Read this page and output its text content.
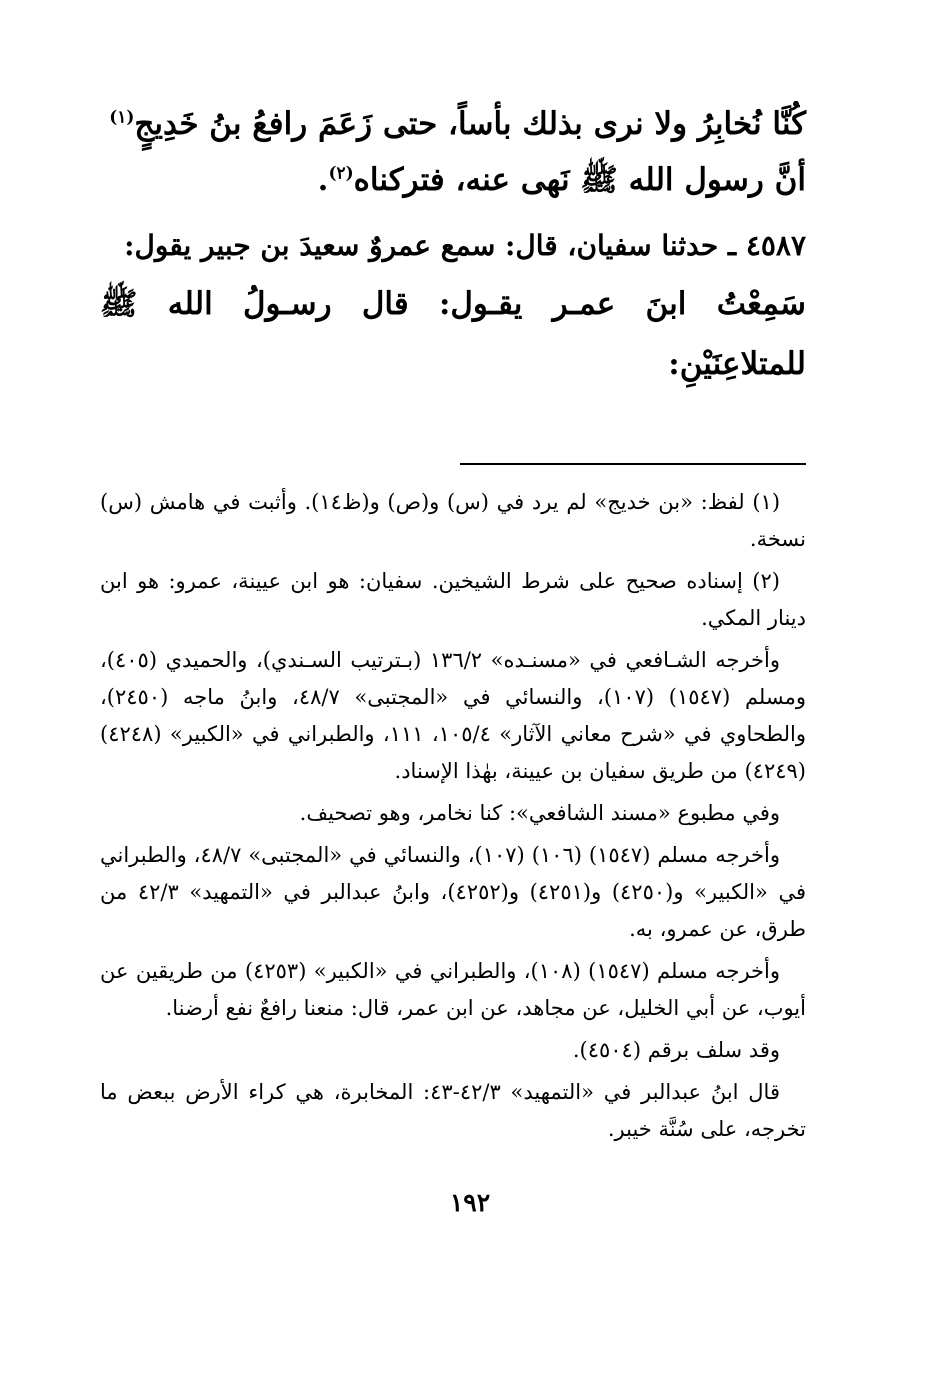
كُنَّا نُخابِرُ ولا نرى بذلك بأساً، حتى زَعَمَ رافعُ بنُ خَدِيجٍ$^{(١)}$

أنَّ رسول الله ﷺ نَهى عنه، فتركناه$^{(٢)}$.

٤٥٨٧ ـ حدثنا سفيان، قال: سمع عمروٌ سعيدَ بن جبير يقول:

سَمِعْتُ ابنَ عمـر يقـول: قال رسـولُ الله ﷺ للمتلاعِنَيْنِ:

(١) لفظ: «بن خديج» لم يرد في (س) و(ص) و(ظ١٤). وأثبت في هامش (س) نسخة.

(٢) إسناده صحيح على شرط الشيخين. سفيان: هو ابن عيينة، عمرو: هو ابن دينار المكي.

وأخرجه الشـافعي في «مسنـده» ١٣٦/٢ (بـترتيب السـندي)، والحميدي (٤٠٥)، ومسلم (١٥٤٧) (١٠٧)، والنسائي في «المجتبى» ٤٨/٧، وابنُ ماجه (٢٤٥٠)، والطحاوي في «شرح معاني الآثار» ١٠٥/٤، ١١١، والطبراني في «الكبير» (٤٢٤٨) (٤٢٤٩) من طريق سفيان بن عيينة، بهٰذا الإسناد.

وفي مطبوع «مسند الشافعي»: كنا نخامر، وهو تصحيف.

وأخرجه مسلم (١٥٤٧) (١٠٦) (١٠٧)، والنسائي في «المجتبى» ٤٨/٧، والطبراني في «الكبير» و(٤٢٥٠) و(٤٢٥١) و(٤٢٥٢)، وابنُ عبدالبر في «التمهيد» ٤٢/٣ من طرق، عن عمرو، به.

وأخرجه مسلم (١٥٤٧) (١٠٨)، والطبراني في «الكبير» (٤٢٥٣) من طريقين عن أيوب، عن أبي الخليل، عن مجاهد، عن ابن عمر، قال: منعنا رافعٌ نفع أرضنا.

وقد سلف برقم (٤٥٠٤).

قال ابنُ عبدالبر في «التمهيد» ٤٢/٣-٤٣: المخابرة، هي كراء الأرض ببعض ما تخرجه، على سُنَّة خيبر.

١٩٢
